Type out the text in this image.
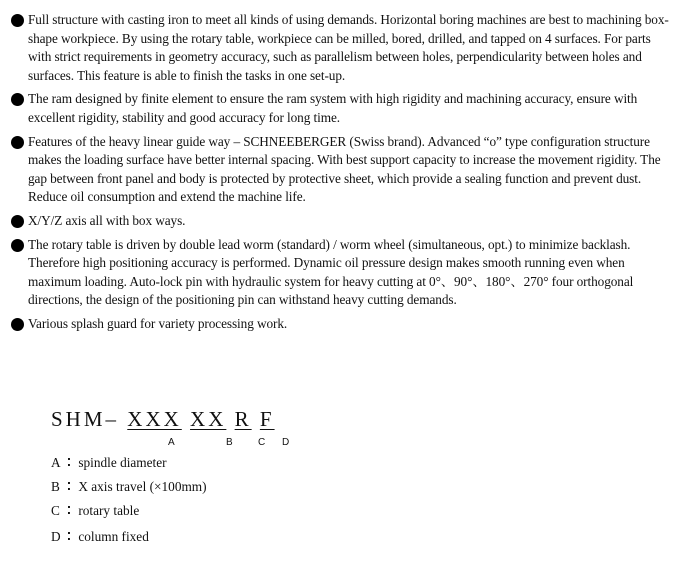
Full structure with casting iron to meet all kinds of using demands. Horizontal boring machines are best to machining box-shape workpiece. By using the rotary table, workpiece can be milled, bored, drilled, and tapped on 4 surfaces. For parts with strict requirements in geometry accuracy, such as parallelism between holes, perpendicularity between holes and surfaces. This feature is able to finish the tasks in one set-up.
The ram designed by finite element to ensure the ram system with high rigidity and machining accuracy, ensure with excellent rigidity, stability and good accuracy for long time.
Features of the heavy linear guide way – SCHNEEBERGER (Swiss brand). Advanced “o” type configuration structure makes the loading surface have better internal spacing. With best support capacity to increase the movement rigidity. The gap between front panel and body is protected by protective sheet, which provide a sealing function and prevent dust. Reduce oil consumption and extend the machine life.
X/Y/Z axis all with box ways.
The rotary table is driven by double lead worm (standard) / worm wheel (simultaneous, opt.) to minimize backlash. Therefore high positioning accuracy is performed. Dynamic oil pressure design makes smooth running even when maximum loading. Auto-lock pin with hydraulic system for heavy cutting at 0°、90°、180°、270° four orthogonal directions, the design of the positioning pin can withstand heavy cutting demands.
Various splash guard for variety processing work.
SHM– XXX XX R F
A	B	C D
A ⁚ spindle diameter
B ⁚ X axis travel (×100mm)
C ⁚ rotary table
D ⁚ column fixed
